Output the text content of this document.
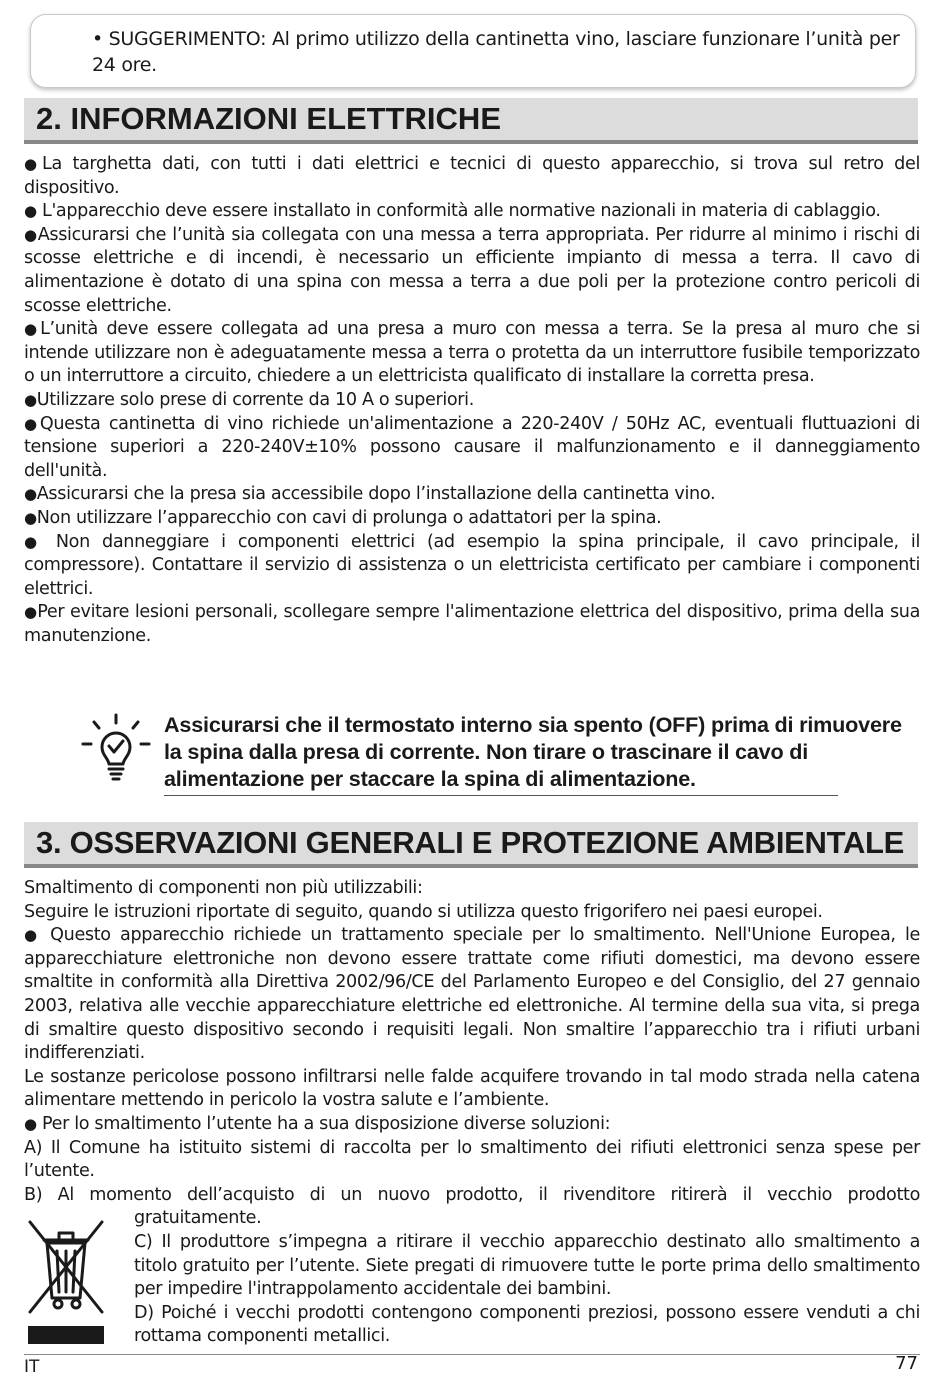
• SUGGERIMENTO: Al primo utilizzo della cantinetta vino, lasciare funzionare l’unità per 24 ore.
2. INFORMAZIONI ELETTRICHE

●La targhetta dati, con tutti i dati elettrici e tecnici di questo apparecchio, si trova sul retro del dispositivo.

● L'apparecchio deve essere installato in conformità alle normative nazionali in materia di cablaggio.

●Assicurarsi che l’unità sia collegata con una messa a terra appropriata. Per ridurre al minimo i rischi di scosse elettriche e di incendi, è necessario un efficiente impianto di messa a terra. Il cavo di alimentazione è dotato di una spina con messa a terra a due poli per la protezione contro pericoli di scosse elettriche.

●L’unità deve essere collegata ad una presa a muro con messa a terra. Se la presa al muro che si intende utilizzare non è adeguatamente messa a terra o protetta da un interruttore fusibile temporizzato o un interruttore a circuito, chiedere a un elettricista qualificato di installare la corretta presa.

●Utilizzare solo prese di corrente da 10 A o superiori.

●Questa cantinetta di vino richiede un'alimentazione a 220-240V / 50Hz AC, eventuali fluttuazioni di tensione superiori a 220-240V±10% possono causare il malfunzionamento e il danneggiamento dell'unità.

●Assicurarsi che la presa sia accessibile dopo l’installazione della cantinetta vino.

●Non utilizzare l’apparecchio con cavi di prolunga o adattatori per la spina.

● Non danneggiare i componenti elettrici (ad esempio la spina principale, il cavo principale, il compressore). Contattare il servizio di assistenza o un elettricista certificato per cambiare i componenti elettrici.

●Per evitare lesioni personali, scollegare sempre l'alimentazione elettrica del dispositivo, prima della sua manutenzione.

Assicurarsi che il termostato interno sia spento (OFF) prima di rimuovere la spina dalla presa di corrente. Non tirare o trascinare il cavo di alimentazione per staccare la spina di alimentazione.
3. OSSERVAZIONI GENERALI E PROTEZIONE AMBIENTALE

Smaltimento di componenti non più utilizzabili:

Seguire le istruzioni riportate di seguito, quando si utilizza questo frigorifero nei paesi europei.

● Questo apparecchio richiede un trattamento speciale per lo smaltimento. Nell'Unione Europea, le apparecchiature elettroniche non devono essere trattate come rifiuti domestici, ma devono essere smaltite in conformità alla Direttiva 2002/96/CE del Parlamento Europeo e del Consiglio, del 27 gennaio 2003, relativa alle vecchie apparecchiature elettriche ed elettroniche. Al termine della sua vita, si prega di smaltire questo dispositivo secondo i requisiti legali. Non smaltire l’apparecchio tra i rifiuti urbani indifferenziati.

Le sostanze pericolose possono infiltrarsi nelle falde acquifere trovando in tal modo strada nella catena alimentare mettendo in pericolo la vostra salute e l’ambiente.

● Per lo smaltimento l’utente ha a sua disposizione diverse soluzioni:

A) Il Comune ha istituito sistemi di raccolta per lo smaltimento dei rifiuti elettronici senza spese per l’utente.

B) Al momento dell’acquisto di un nuovo prodotto, il rivenditore ritirerà il vecchio prodotto gratuitamente.

C) Il produttore s’impegna a ritirare il vecchio apparecchio destinato allo smaltimento a titolo gratuito per l’utente. Siete pregati di rimuovere tutte le porte prima dello smaltimento per impedire l'intrappolamento accidentale dei bambini.

D) Poiché i vecchi prodotti contengono componenti preziosi, possono essere venduti a chi rottama componenti metallici.

IT	77
